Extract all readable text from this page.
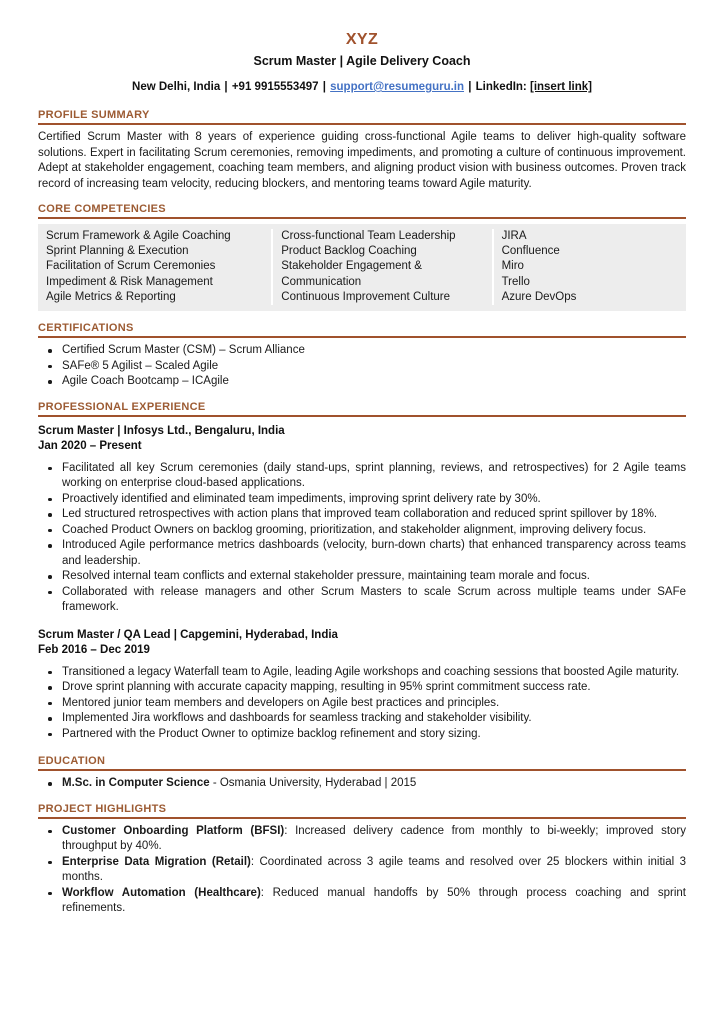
XYZ
Scrum Master | Agile Delivery Coach
New Delhi, India | +91 9915553497 | support@resumeguru.in | LinkedIn: [insert link]
PROFILE SUMMARY

Certified Scrum Master with 8 years of experience guiding cross-functional Agile teams to deliver high-quality software solutions. Expert in facilitating Scrum ceremonies, removing impediments, and promoting a culture of continuous improvement. Adept at stakeholder engagement, coaching team members, and aligning product vision with business outcomes. Proven track record of increasing team velocity, reducing blockers, and mentoring teams toward Agile maturity.

CORE COMPETENCIES
Scrum Framework & Agile Coaching
Sprint Planning & Execution
Facilitation of Scrum Ceremonies
Impediment & Risk Management
Agile Metrics & Reporting
Cross-functional Team Leadership
Product Backlog Coaching
Stakeholder Engagement &
Communication
Continuous Improvement Culture
JIRA
Confluence
Miro
Trello
Azure DevOps
CERTIFICATIONS
Certified Scrum Master (CSM) – Scrum Alliance
SAFe® 5 Agilist – Scaled Agile
Agile Coach Bootcamp – ICAgile
PROFESSIONAL EXPERIENCE
Scrum Master | Infosys Ltd., Bengaluru, India
Jan 2020 – Present
Facilitated all key Scrum ceremonies (daily stand-ups, sprint planning, reviews, and retrospectives) for 2 Agile teams working on enterprise cloud-based applications.
Proactively identified and eliminated team impediments, improving sprint delivery rate by 30%.
Led structured retrospectives with action plans that improved team collaboration and reduced sprint spillover by 18%.
Coached Product Owners on backlog grooming, prioritization, and stakeholder alignment, improving delivery focus.
Introduced Agile performance metrics dashboards (velocity, burn-down charts) that enhanced transparency across teams and leadership.
Resolved internal team conflicts and external stakeholder pressure, maintaining team morale and focus.
Collaborated with release managers and other Scrum Masters to scale Scrum across multiple teams under SAFe framework.
Scrum Master / QA Lead | Capgemini, Hyderabad, India
Feb 2016 – Dec 2019
Transitioned a legacy Waterfall team to Agile, leading Agile workshops and coaching sessions that boosted Agile maturity.
Drove sprint planning with accurate capacity mapping, resulting in 95% sprint commitment success rate.
Mentored junior team members and developers on Agile best practices and principles.
Implemented Jira workflows and dashboards for seamless tracking and stakeholder visibility.
Partnered with the Product Owner to optimize backlog refinement and story sizing.
EDUCATION
M.Sc. in Computer Science - Osmania University, Hyderabad | 2015
PROJECT HIGHLIGHTS
Customer Onboarding Platform (BFSI): Increased delivery cadence from monthly to bi-weekly; improved story throughput by 40%.
Enterprise Data Migration (Retail): Coordinated across 3 agile teams and resolved over 25 blockers within initial 3 months.
Workflow Automation (Healthcare): Reduced manual handoffs by 50% through process coaching and sprint refinements.
